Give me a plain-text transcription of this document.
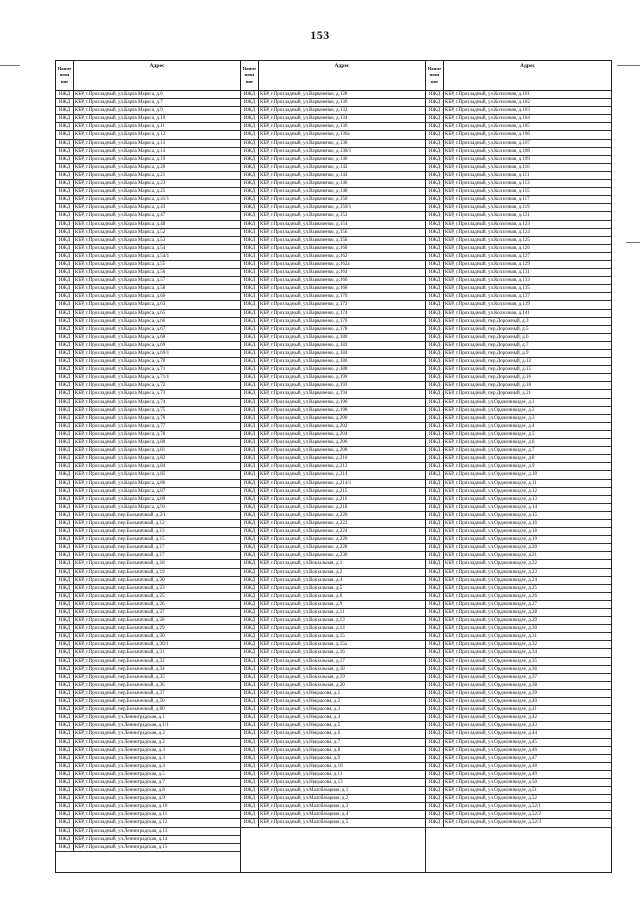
153
Наиме нова ние
Адрес
ИЖД КБР, г.Прохладный, ул.Карла Маркса, д.6
ИЖД КБР, г.Прохладный, ул.Карла Маркса, д.7
ИЖД КБР, г.Прохладный, ул.Карла Маркса, д.9
ИЖД КБР, г.Прохладный, ул.Карла Маркса, д.10
ИЖД КБР, г.Прохладный, ул.Карла Маркса, д.11
ИЖД КБР, г.Прохладный, ул.Карла Маркса, д.12
ИЖД КБР, г.Прохладный, ул.Карла Маркса, д.13
ИЖД КБР, г.Прохладный, ул.Карла Маркса, д.14
ИЖД КБР, г.Прохладный, ул.Карла Маркса, д.19
ИЖД КБР, г.Прохладный, ул.Карла Маркса, д.20
ИЖД КБР, г.Прохладный, ул.Карла Маркса, д.21
ИЖД КБР, г.Прохладный, ул.Карла Маркса, д.23
ИЖД КБР, г.Прохладный, ул.Карла Маркса, д.25
ИЖД КБР, г.Прохладный, ул.Карла Маркса, д.41/1
ИЖД КБР, г.Прохладный, ул.Карла Маркса, д.43
ИЖД КБР, г.Прохладный, ул.Карла Маркса, д.47
ИЖД КБР, г.Прохладный, ул.Карла Маркса, д.48
ИЖД КБР, г.Прохладный, ул.Карла Маркса, д.52
ИЖД КБР, г.Прохладный, ул.Карла Маркса, д.53
ИЖД КБР, г.Прохладный, ул.Карла Маркса, д.54
ИЖД КБР, г.Прохладный, ул.Карла Маркса, д.54/1
ИЖД КБР, г.Прохладный, ул.Карла Маркса, д.55
ИЖД КБР, г.Прохладный, ул.Карла Маркса, д.56
ИЖД КБР, г.Прохладный, ул.Карла Маркса, д.57
ИЖД КБР, г.Прохладный, ул.Карла Маркса, д.58
ИЖД КБР, г.Прохладный, ул.Карла Маркса, д.60
ИЖД КБР, г.Прохладный, ул.Карла Маркса, д.63
ИЖД КБР, г.Прохладный, ул.Карла Маркса, д.65
ИЖД КБР, г.Прохладный, ул.Карла Маркса, д.66
ИЖД КБР, г.Прохладный, ул.Карла Маркса, д.67
ИЖД КБР, г.Прохладный, ул.Карла Маркса, д.68
ИЖД КБР, г.Прохладный, ул.Карла Маркса, д.69
ИЖД КБР, г.Прохладный, ул.Карла Маркса, д.69/1
ИЖД КБР, г.Прохладный, ул.Карла Маркса, д.70
ИЖД КБР, г.Прохладный, ул.Карла Маркса, д.71
ИЖД КБР, г.Прохладный, ул.Карла Маркса, д.71/1
ИЖД КБР, г.Прохладный, ул.Карла Маркса, д.72
ИЖД КБР, г.Прохладный, ул.Карла Маркса, д.73
ИЖД КБР, г.Прохладный, ул.Карла Маркса, д.74
ИЖД КБР, г.Прохладный, ул.Карла Маркса, д.75
ИЖД КБР, г.Прохладный, ул.Карла Маркса, д.76
ИЖД КБР, г.Прохладный, ул.Карла Маркса, д.77
ИЖД КБР, г.Прохладный, ул.Карла Маркса, д.78
ИЖД КБР, г.Прохладный, ул.Карла Маркса, д.80
ИЖД КБР, г.Прохладный, ул.Карла Маркса, д.81
ИЖД КБР, г.Прохладный, ул.Карла Маркса, д.82
ИЖД КБР, г.Прохладный, ул.Карла Маркса, д.84
ИЖД КБР, г.Прохладный, ул.Карла Маркса, д.85
ИЖД КБР, г.Прохладный, ул.Карла Маркса, д.86
ИЖД КБР, г.Прохладный, ул.Карла Маркса, д.87
ИЖД КБР, г.Прохладный, ул.Карла Маркса, д.89
ИЖД КБР, г.Прохладный, ул.Карла Маркса, д.91
ИЖД КБР, г.Прохладный, пер.Больничный, д.2/1
ИЖД КБР, г.Прохладный, пер.Больничный, д.12
ИЖД КБР, г.Прохладный, пер.Больничный, д.13
ИЖД КБР, г.Прохладный, пер.Больничный, д.15
ИЖД КБР, г.Прохладный, пер.Больничный, д.17
ИЖД КБР, г.Прохладный, пер.Больничный, д.17
ИЖД КБР, г.Прохладный, пер.Больничный, д.18
ИЖД КБР, г.Прохладный, пер.Больничный, д.19
ИЖД КБР, г.Прохладный, пер.Больничный, д.20
ИЖД КБР, г.Прохладный, пер.Больничный, д.23
ИЖД КБР, г.Прохладный, пер.Больничный, д.25
ИЖД КБР, г.Прохладный, пер.Больничный, д.26
ИЖД КБР, г.Прохладный, пер.Больничный, д.27
ИЖД КБР, г.Прохладный, пер.Больничный, д.28
ИЖД КБР, г.Прохладный, пер.Больничный, д.29
ИЖД КБР, г.Прохладный, пер.Больничный, д.30
ИЖД КБР, г.Прохладный, пер.Больничный, д.30/1
ИЖД КБР, г.Прохладный, пер.Больничный, д.31
ИЖД КБР, г.Прохладный, пер.Больничный, д.32
ИЖД КБР, г.Прохладный, пер.Больничный, д.34
ИЖД КБР, г.Прохладный, пер.Больничный, д.35
ИЖД КБР, г.Прохладный, пер.Больничный, д.36
ИЖД КБР, г.Прохладный, пер.Больничный, д.37
ИЖД КБР, г.Прохладный, пер.Больничный, д.50
ИЖД КБР, г.Прохладный, пер.Больничный, д.60
ИЖД КБР, г.Прохладный, ул.Ленинградская, д.1
ИЖД КБР, г.Прохладный, ул.Ленинградская, д.1/1
ИЖД КБР, г.Прохладный, ул.Ленинградская, д.2
ИЖД КБР, г.Прохладный, ул.Ленинградская, д.2
ИЖД КБР, г.Прохладный, ул.Ленинградская, д.3
ИЖД КБР, г.Прохладный, ул.Ленинградская, д.3
ИЖД КБР, г.Прохладный, ул.Ленинградская, д.4
ИЖД КБР, г.Прохладный, ул.Ленинградская, д.5
ИЖД КБР, г.Прохладный, ул.Ленинградская, д.7
ИЖД КБР, г.Прохладный, ул.Ленинградская, д.8
ИЖД КБР, г.Прохладный, ул.Ленинградская, д.9
ИЖД КБР, г.Прохладный, ул.Ленинградская, д.10
ИЖД КБР, г.Прохладный, ул.Ленинградская, д.11
ИЖД КБР, г.Прохладный, ул.Ленинградская, д.12
ИЖД КБР, г.Прохладный, ул.Ленинградская, д.13
ИЖД КБР, г.Прохладный, ул.Ленинградская, д.14
ИЖД КБР, г.Прохладный, ул.Ленинградская, д.15
Наиме нова ние
Адрес
ИЖД КБР, г.Прохладный, ул.Варваченко, д.128
ИЖД КБР, г.Прохладный, ул.Варваченко, д.130
ИЖД КБР, г.Прохладный, ул.Варваченко, д.132
ИЖД КБР, г.Прохладный, ул.Варваченко, д.134
ИЖД КБР, г.Прохладный, ул.Варваченко, д.136
ИЖД КБР, г.Прохладный, ул.Варваченко, д.136а
ИЖД КБР, г.Прохладный, ул.Варваченко, д.138
ИЖД КБР, г.Прохладный, ул.Варваченко, д.138/1
ИЖД КБР, г.Прохладный, ул.Варваченко, д.140
ИЖД КБР, г.Прохладный, ул.Варваченко, д.142
ИЖД КБР, г.Прохладный, ул.Варваченко, д.144
ИЖД КБР, г.Прохладный, ул.Варваченко, д.146
ИЖД КБР, г.Прохладный, ул.Варваченко, д.148
ИЖД КБР, г.Прохладный, ул.Варваченко, д.150
ИЖД КБР, г.Прохладный, ул.Варваченко, д.150/1
ИЖД КБР, г.Прохладный, ул.Варваченко, д.152
ИЖД КБР, г.Прохладный, ул.Варваченко, д.154
ИЖД КБР, г.Прохладный, ул.Варваченко, д.156
ИЖД КБР, г.Прохладный, ул.Варваченко, д.158
ИЖД КБР, г.Прохладный, ул.Варваченко, д.160
ИЖД КБР, г.Прохладный, ул.Варваченко, д.162
ИЖД КБР, г.Прохладный, ул.Варваченко, д.162а
ИЖД КБР, г.Прохладный, ул.Варваченко, д.164
ИЖД КБР, г.Прохладный, ул.Варваченко, д.166
ИЖД КБР, г.Прохладный, ул.Варваченко, д.168
ИЖД КБР, г.Прохладный, ул.Варваченко, д.170
ИЖД КБР, г.Прохладный, ул.Варваченко, д.172
ИЖД КБР, г.Прохладный, ул.Варваченко, д.174
ИЖД КБР, г.Прохладный, ул.Варваченко, д.176
ИЖД КБР, г.Прохладный, ул.Варваченко, д.178
ИЖД КБР, г.Прохладный, ул.Варваченко, д.180
ИЖД КБР, г.Прохладный, ул.Варваченко, д.182
ИЖД КБР, г.Прохладный, ул.Варваченко, д.184
ИЖД КБР, г.Прохладный, ул.Варваченко, д.186
ИЖД КБР, г.Прохладный, ул.Варваченко, д.188
ИЖД КБР, г.Прохладный, ул.Варваченко, д.190
ИЖД КБР, г.Прохладный, ул.Варваченко, д.192
ИЖД КБР, г.Прохладный, ул.Варваченко, д.194
ИЖД КБР, г.Прохладный, ул.Варваченко, д.196
ИЖД КБР, г.Прохладный, ул.Варваченко, д.198
ИЖД КБР, г.Прохладный, ул.Варваченко, д.200
ИЖД КБР, г.Прохладный, ул.Варваченко, д.202
ИЖД КБР, г.Прохладный, ул.Варваченко, д.204
ИЖД КБР, г.Прохладный, ул.Варваченко, д.206
ИЖД КБР, г.Прохладный, ул.Варваченко, д.208
ИЖД КБР, г.Прохладный, ул.Варваченко, д.210
ИЖД КБР, г.Прохладный, ул.Варваченко, д.212
ИЖД КБР, г.Прохладный, ул.Варваченко, д.214
ИЖД КБР, г.Прохладный, ул.Варваченко, д.214/1
ИЖД КБР, г.Прохладный, ул.Варваченко, д.215
ИЖД КБР, г.Прохладный, ул.Варваченко, д.216
ИЖД КБР, г.Прохладный, ул.Варваченко, д.218
ИЖД КБР, г.Прохладный, ул.Варваченко, д.220
ИЖД КБР, г.Прохладный, ул.Варваченко, д.222
ИЖД КБР, г.Прохладный, ул.Варваченко, д.224
ИЖД КБР, г.Прохладный, ул.Варваченко, д.226
ИЖД КБР, г.Прохладный, ул.Варваченко, д.228
ИЖД КБР, г.Прохладный, ул.Варваченко, д.230
ИЖД КБР, г.Прохладный, ул.Вокзальная, д.1
ИЖД КБР, г.Прохладный, ул.Вокзальная, д.2
ИЖД КБР, г.Прохладный, ул.Вокзальная, д.4
ИЖД КБР, г.Прохладный, ул.Вокзальная, д.5
ИЖД КБР, г.Прохладный, ул.Вокзальная, д.6
ИЖД КБР, г.Прохладный, ул.Вокзальная, д.9
ИЖД КБР, г.Прохладный, ул.Вокзальная, д.11
ИЖД КБР, г.Прохладный, ул.Вокзальная, д.13
ИЖД КБР, г.Прохладный, ул.Вокзальная, д.14
ИЖД КБР, г.Прохладный, ул.Вокзальная, д.15
ИЖД КБР, г.Прохладный, ул.Вокзальная, д.15а
ИЖД КБР, г.Прохладный, ул.Вокзальная, д.16
ИЖД КБР, г.Прохладный, ул.Вокзальная, д.17
ИЖД КБР, г.Прохладный, ул.Вокзальная, д.18
ИЖД КБР, г.Прохладный, ул.Вокзальная, д.19
ИЖД КБР, г.Прохладный, ул.Вокзальная, д.20
ИЖД КБР, г.Прохладный, ул.Некрасова, д.1
ИЖД КБР, г.Прохладный, ул.Некрасова, д.2
ИЖД КБР, г.Прохладный, ул.Некрасова, д.3
ИЖД КБР, г.Прохладный, ул.Некрасова, д.4
ИЖД КБР, г.Прохладный, ул.Некрасова, д.5
ИЖД КБР, г.Прохладный, ул.Некрасова, д.6
ИЖД КБР, г.Прохладный, ул.Некрасова, д.7
ИЖД КБР, г.Прохладный, ул.Некрасова, д.8
ИЖД КБР, г.Прохладный, ул.Некрасова, д.9
ИЖД КБР, г.Прохладный, ул.Некрасова, д.10
ИЖД КБР, г.Прохладный, ул.Некрасова, д.11
ИЖД КБР, г.Прохладный, ул.Некрасова, д.13
ИЖД КБР, г.Прохладный, ул.Малобазарная, д.1
ИЖД КБР, г.Прохладный, ул.Малобазарная, д.2
ИЖД КБР, г.Прохладный, ул.Малобазарная, д.3
ИЖД КБР, г.Прохладный, ул.Малобазарная, д.4
ИЖД КБР, г.Прохладный, ул.Малобазарная, д.5
Наиме нова ние
Адрес
ИЖД КБР, г.Прохладный, ул.Колхозная, д.101
ИЖД КБР, г.Прохладный, ул.Колхозная, д.102
ИЖД КБР, г.Прохладный, ул.Колхозная, д.103
ИЖД КБР, г.Прохладный, ул.Колхозная, д.104
ИЖД КБР, г.Прохладный, ул.Колхозная, д.105
ИЖД КБР, г.Прохладный, ул.Колхозная, д.106
ИЖД КБР, г.Прохладный, ул.Колхозная, д.107
ИЖД КБР, г.Прохладный, ул.Колхозная, д.108
ИЖД КБР, г.Прохладный, ул.Колхозная, д.109
ИЖД КБР, г.Прохладный, ул.Колхозная, д.110
ИЖД КБР, г.Прохладный, ул.Колхозная, д.111
ИЖД КБР, г.Прохладный, ул.Колхозная, д.113
ИЖД КБР, г.Прохладный, ул.Колхозная, д.115
ИЖД КБР, г.Прохладный, ул.Колхозная, д.117
ИЖД КБР, г.Прохладный, ул.Колхозная, д.119
ИЖД КБР, г.Прохладный, ул.Колхозная, д.121
ИЖД КБР, г.Прохладный, ул.Колхозная, д.123
ИЖД КБР, г.Прохладный, ул.Колхозная, д.124
ИЖД КБР, г.Прохладный, ул.Колхозная, д.125
ИЖД КБР, г.Прохладный, ул.Колхозная, д.126
ИЖД КБР, г.Прохладный, ул.Колхозная, д.127
ИЖД КБР, г.Прохладный, ул.Колхозная, д.129
ИЖД КБР, г.Прохладный, ул.Колхозная, д.131
ИЖД КБР, г.Прохладный, ул.Колхозная, д.133
ИЖД КБР, г.Прохладный, ул.Колхозная, д.135
ИЖД КБР, г.Прохладный, ул.Колхозная, д.137
ИЖД КБР, г.Прохладный, ул.Колхозная, д.139
ИЖД КБР, г.Прохладный, ул.Колхозная, д.141
ИЖД КБР, г.Прохладный, пер.Дорожный, д.3
ИЖД КБР, г.Прохладный, пер.Дорожный, д.5
ИЖД КБР, г.Прохладный, пер.Дорожный, д.6
ИЖД КБР, г.Прохладный, пер.Дорожный, д.7
ИЖД КБР, г.Прохладный, пер.Дорожный, д.9
ИЖД КБР, г.Прохладный, пер.Дорожный, д.12
ИЖД КБР, г.Прохладный, пер.Дорожный, д.15
ИЖД КБР, г.Прохладный, пер.Дорожный, д.16
ИЖД КБР, г.Прохладный, пер.Дорожный, д.18
ИЖД КБР, г.Прохладный, пер.Дорожный, д.21
ИЖД КБР, г.Прохладный, ул.Орджоникидзе, д.1
ИЖД КБР, г.Прохладный, ул.Орджоникидзе, д.2
ИЖД КБР, г.Прохладный, ул.Орджоникидзе, д.3
ИЖД КБР, г.Прохладный, ул.Орджоникидзе, д.4
ИЖД КБР, г.Прохладный, ул.Орджоникидзе, д.5
ИЖД КБР, г.Прохладный, ул.Орджоникидзе, д.6
ИЖД КБР, г.Прохладный, ул.Орджоникидзе, д.7
ИЖД КБР, г.Прохладный, ул.Орджоникидзе, д.8
ИЖД КБР, г.Прохладный, ул.Орджоникидзе, д.9
ИЖД КБР, г.Прохладный, ул.Орджоникидзе, д.10
ИЖД КБР, г.Прохладный, ул.Орджоникидзе, д.11
ИЖД КБР, г.Прохладный, ул.Орджоникидзе, д.12
ИЖД КБР, г.Прохладный, ул.Орджоникидзе, д.13
ИЖД КБР, г.Прохладный, ул.Орджоникидзе, д.14
ИЖД КБР, г.Прохладный, ул.Орджоникидзе, д.15
ИЖД КБР, г.Прохладный, ул.Орджоникидзе, д.16
ИЖД КБР, г.Прохладный, ул.Орджоникидзе, д.18
ИЖД КБР, г.Прохладный, ул.Орджоникидзе, д.19
ИЖД КБР, г.Прохладный, ул.Орджоникидзе, д.20
ИЖД КБР, г.Прохладный, ул.Орджоникидзе, д.21
ИЖД КБР, г.Прохладный, ул.Орджоникидзе, д.22
ИЖД КБР, г.Прохладный, ул.Орджоникидзе, д.23
ИЖД КБР, г.Прохладный, ул.Орджоникидзе, д.24
ИЖД КБР, г.Прохладный, ул.Орджоникидзе, д.25
ИЖД КБР, г.Прохладный, ул.Орджоникидзе, д.26
ИЖД КБР, г.Прохладный, ул.Орджоникидзе, д.27
ИЖД КБР, г.Прохладный, ул.Орджоникидзе, д.28
ИЖД КБР, г.Прохладный, ул.Орджоникидзе, д.29
ИЖД КБР, г.Прохладный, ул.Орджоникидзе, д.30
ИЖД КБР, г.Прохладный, ул.Орджоникидзе, д.31
ИЖД КБР, г.Прохладный, ул.Орджоникидзе, д.32
ИЖД КБР, г.Прохладный, ул.Орджоникидзе, д.34
ИЖД КБР, г.Прохладный, ул.Орджоникидзе, д.35
ИЖД КБР, г.Прохладный, ул.Орджоникидзе, д.36
ИЖД КБР, г.Прохладный, ул.Орджоникидзе, д.37
ИЖД КБР, г.Прохладный, ул.Орджоникидзе, д.38
ИЖД КБР, г.Прохладный, ул.Орджоникидзе, д.39
ИЖД КБР, г.Прохладный, ул.Орджоникидзе, д.40
ИЖД КБР, г.Прохладный, ул.Орджоникидзе, д.41
ИЖД КБР, г.Прохладный, ул.Орджоникидзе, д.42
ИЖД КБР, г.Прохладный, ул.Орджоникидзе, д.43
ИЖД КБР, г.Прохладный, ул.Орджоникидзе, д.44
ИЖД КБР, г.Прохладный, ул.Орджоникидзе, д.45
ИЖД КБР, г.Прохладный, ул.Орджоникидзе, д.46
ИЖД КБР, г.Прохладный, ул.Орджоникидзе, д.47
ИЖД КБР, г.Прохладный, ул.Орджоникидзе, д.48
ИЖД КБР, г.Прохладный, ул.Орджоникидзе, д.49
ИЖД КБР, г.Прохладный, ул.Орджоникидзе, д.50
ИЖД КБР, г.Прохладный, ул.Орджоникидзе, д.51
ИЖД КБР, г.Прохладный, ул.Орджоникидзе, д.52
ИЖД КБР, г.Прохладный, ул.Орджоникидзе, д.52/1
ИЖД КБР, г.Прохладный, ул.Орджоникидзе, д.52/2
ИЖД КБР, г.Прохладный, ул.Орджоникидзе, д.52/3
